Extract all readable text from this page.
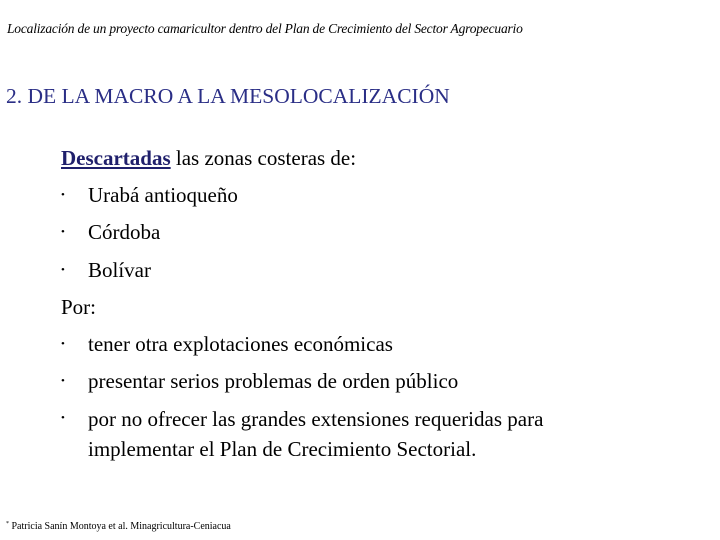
Localización de un proyecto camaricultor dentro del Plan de Crecimiento del Sector Agropecuario
2. DE LA MACRO A LA MESOLOCALIZACIÓN
Descartadas las zonas costeras de:
•	Urabá antioqueño
•	Córdoba
•	Bolívar
Por:
•	tener otra explotaciones económicas
•	presentar serios problemas de orden público
•	por no ofrecer las grandes extensiones requeridas para implementar el Plan de Crecimiento Sectorial.
* Patricia Sanín Montoya et al. Minagricultura-Ceniacua
